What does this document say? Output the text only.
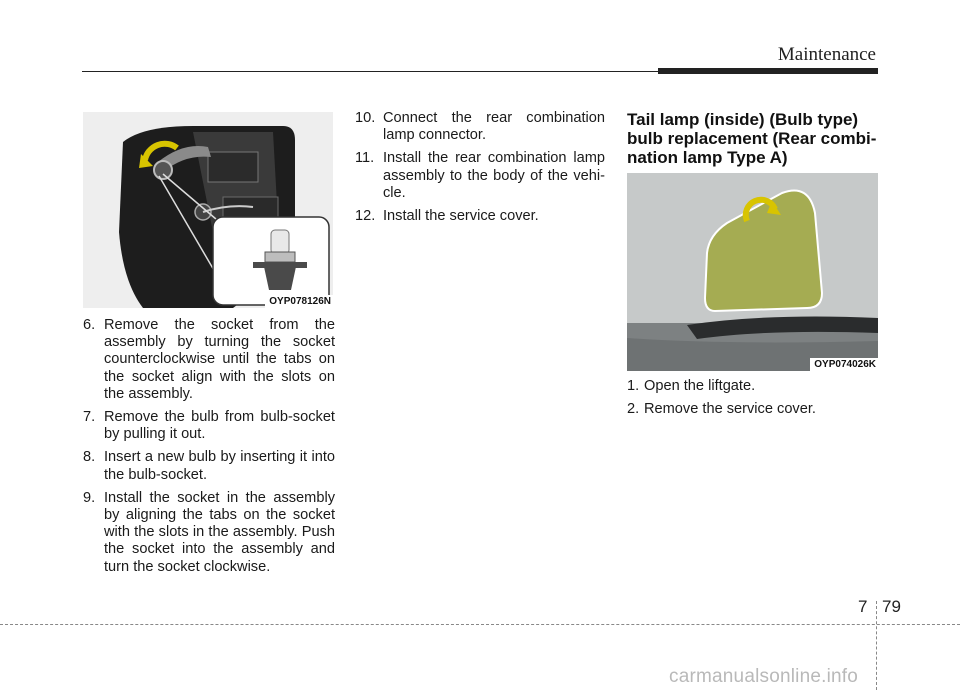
Maintenance
OYP078126N
6. Remove the socket from the assembly by turning the socket counterclockwise until the tabs on the socket align with the slots on the assembly.
7. Remove the bulb from bulb-socket by pulling it out.
8. Insert a new bulb by inserting it into the bulb-socket.
9. Install the socket in the assembly by aligning the tabs on the socket with the slots in the assembly. Push the socket into the assembly and turn the socket clockwise.
10. Connect the rear combination lamp connector.
11. Install the rear combination lamp assembly to the body of the vehi-cle.
12. Install the service cover.
Tail lamp (inside) (Bulb type) bulb replacement (Rear combi-nation lamp Type A)
OYP074026K
1. Open the liftgate.
2. Remove the service cover.
7 79
carmanualsonline.info
